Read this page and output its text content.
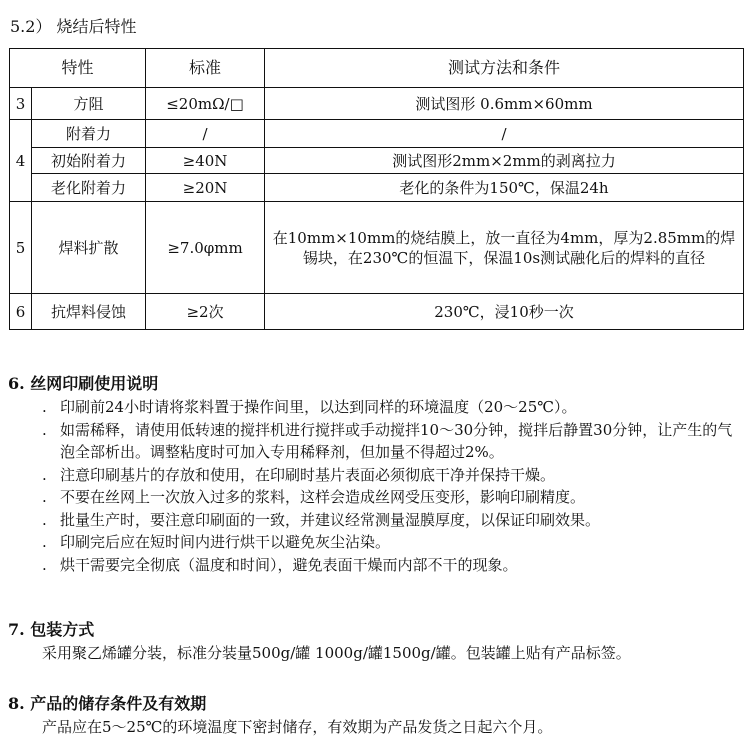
5.2） 烧结后特性
特性		标准	测试方法和条件
3	方阻	≤20mΩ/□	测试图形 0.6mm×60mm
4	附着力	/	/
	初始附着力	≥40N	测试图形2mm×2mm的剥离拉力
	老化附着力	≥20N	老化的条件为150℃，保温24h
5	焊料扩散	≥7.0φmm	在10mm×10mm的烧结膜上，放一直径为4mm，厚为2.85mm的焊锡块，在230℃的恒温下，保温10s测试融化后的焊料的直径
6	抗焊料侵蚀	≥2次	230℃，浸10秒一次
6. 丝网印刷使用说明
. 印刷前24小时请将浆料置于操作间里，以达到同样的环境温度（20～25℃）。
. 如需稀释，请使用低转速的搅拌机进行搅拌或手动搅拌10～30分钟，搅拌后静置30分钟，让产生的气泡全部析出。调整粘度时可加入专用稀释剂，但加量不得超过2%。
. 注意印刷基片的存放和使用，在印刷时基片表面必须彻底干净并保持干燥。
. 不要在丝网上一次放入过多的浆料，这样会造成丝网受压变形，影响印刷精度。
. 批量生产时，要注意印刷面的一致，并建议经常测量湿膜厚度，以保证印刷效果。
. 印刷完后应在短时间内进行烘干以避免灰尘沾染。
. 烘干需要完全彻底（温度和时间），避免表面干燥而内部不干的现象。
7. 包装方式
采用聚乙烯罐分装，标准分装量500g/罐 1000g/罐1500g/罐。包装罐上贴有产品标签。
8. 产品的储存条件及有效期
产品应在5～25℃的环境温度下密封储存，有效期为产品发货之日起六个月。
